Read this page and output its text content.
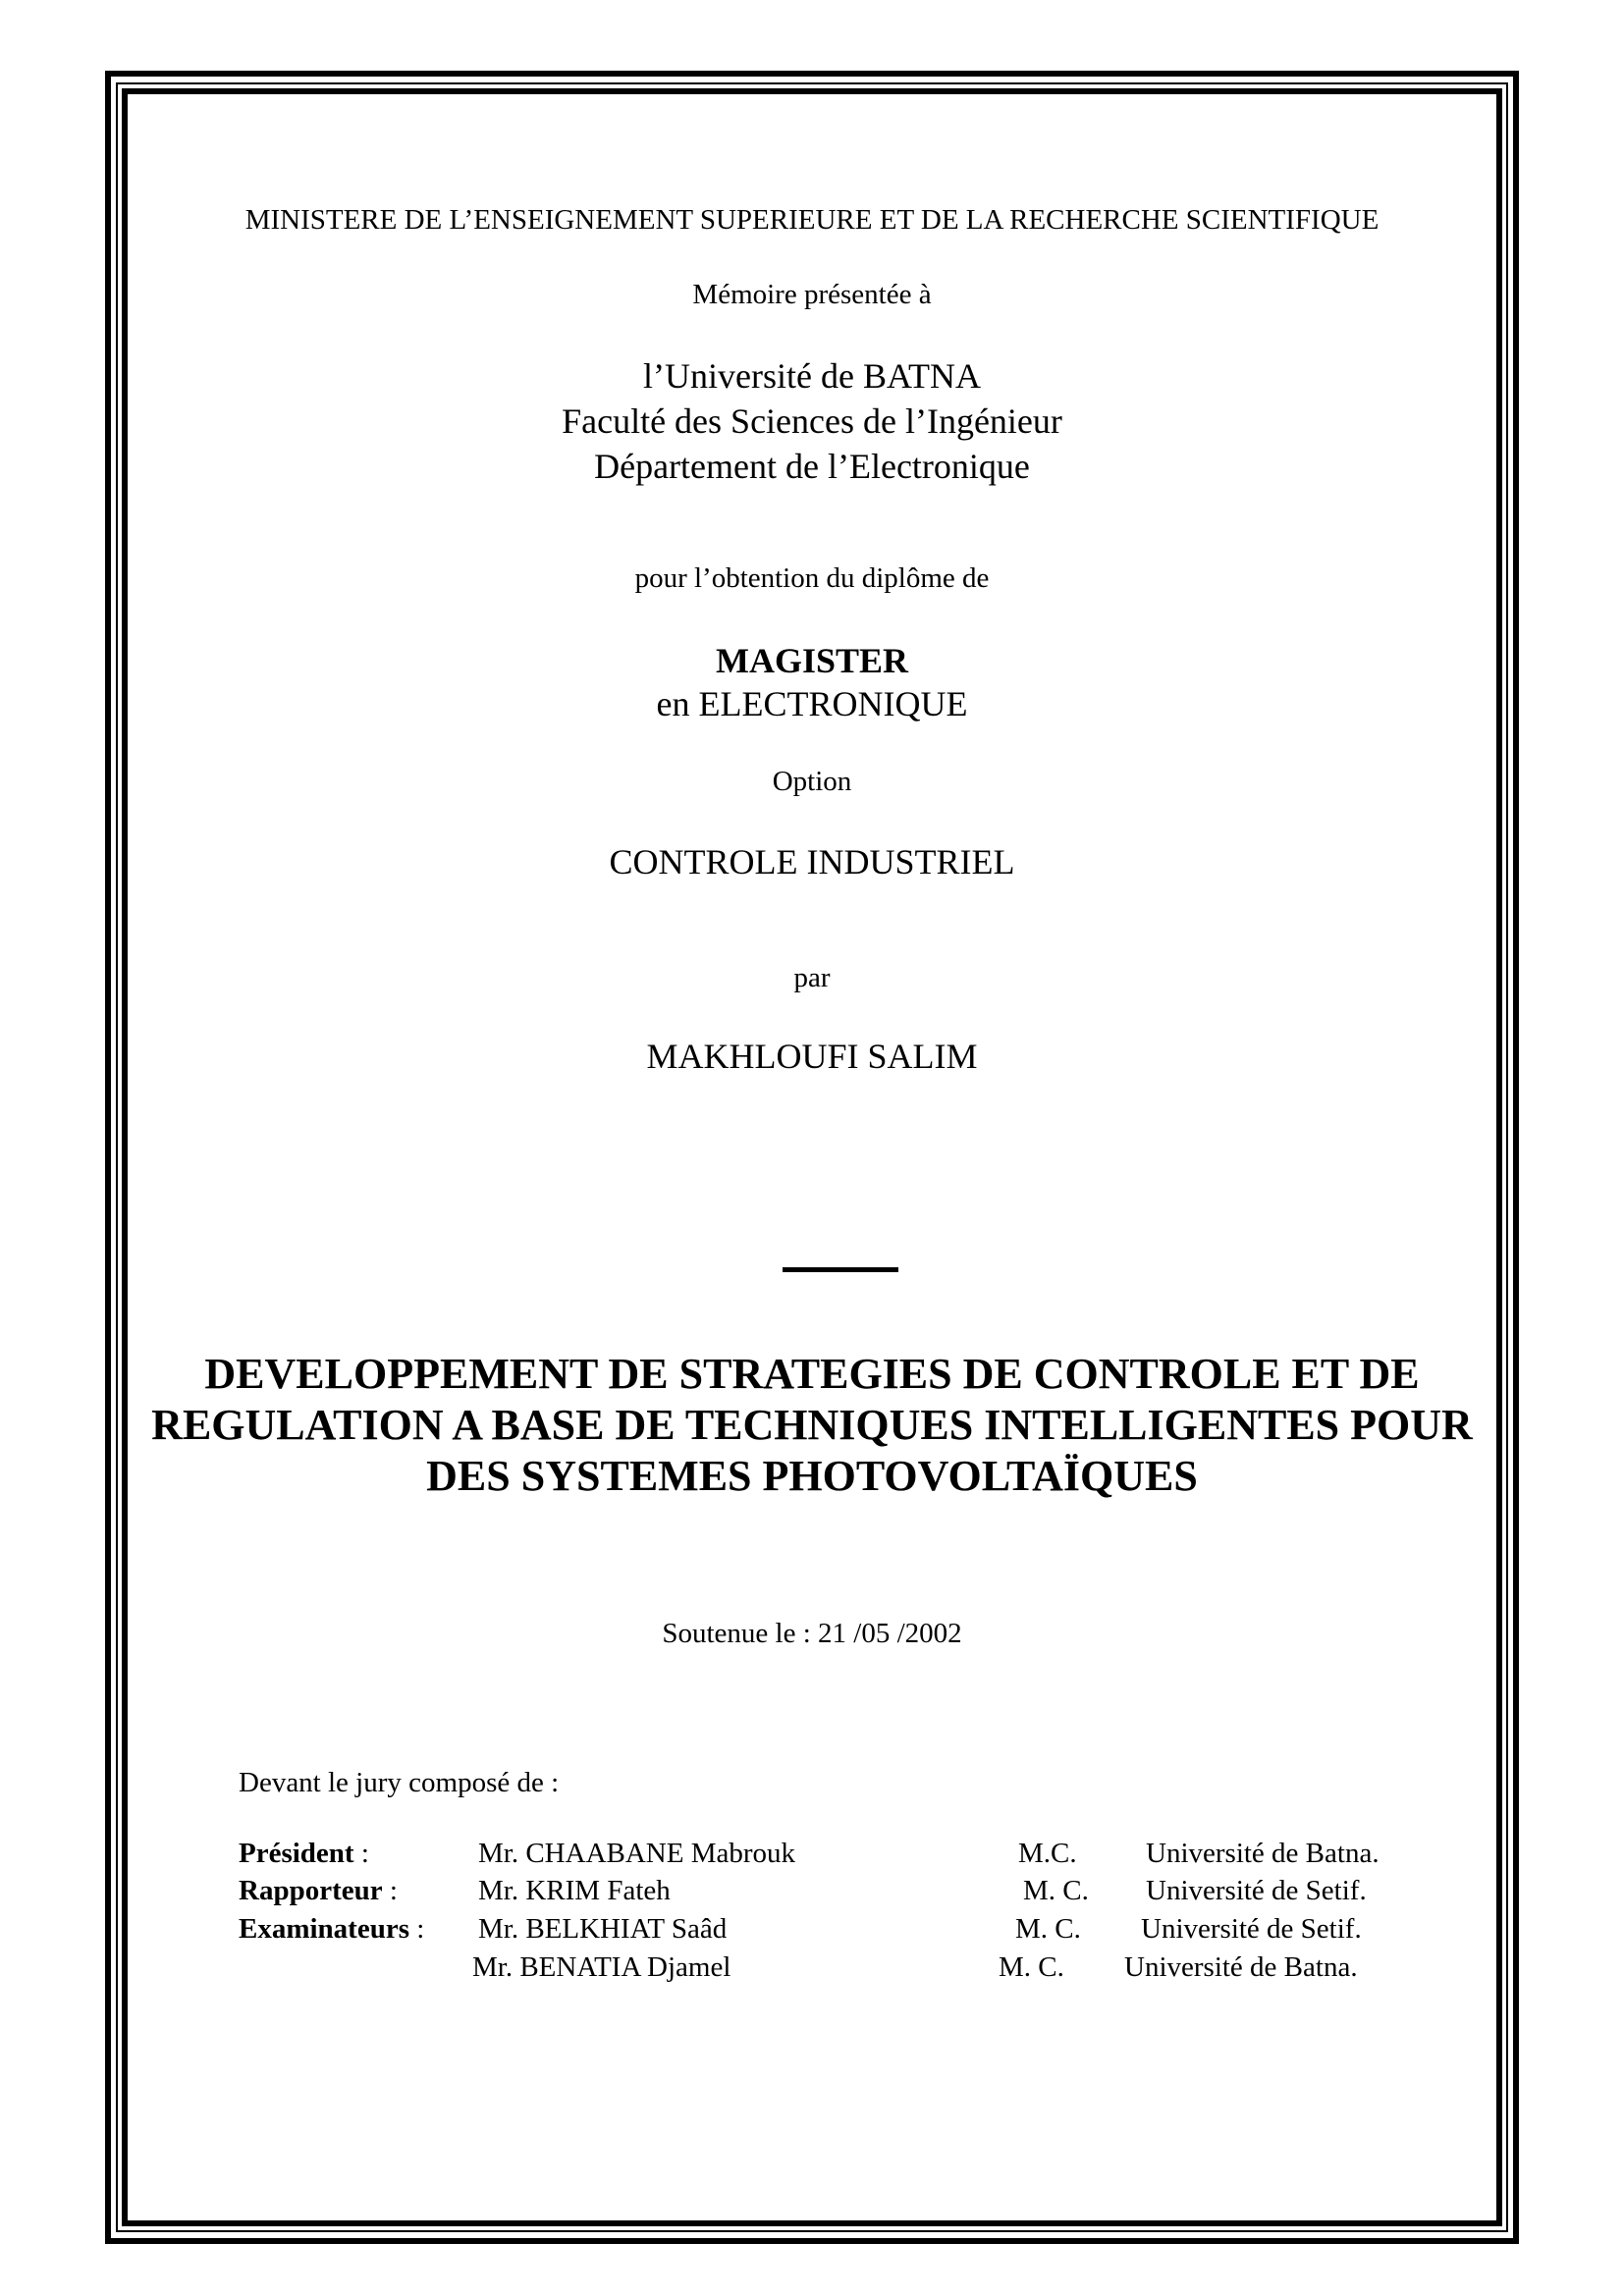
MINISTERE DE L’ENSEIGNEMENT SUPERIEURE ET DE LA RECHERCHE SCIENTIFIQUE
Mémoire présentée à
l’Université de BATNA
Faculté des Sciences de l’Ingénieur
Département de l’Electronique
pour l’obtention du diplôme de
MAGISTER
en ELECTRONIQUE
Option
CONTROLE INDUSTRIEL
par
MAKHLOUFI SALIM
DEVELOPPEMENT DE STRATEGIES DE CONTROLE ET DE
REGULATION A BASE DE TECHNIQUES INTELLIGENTES POUR
DES SYSTEMES PHOTOVOLTAÏQUES
Soutenue le : 21 /05 /2002
Devant le jury composé de :
Président :	Mr. CHAABANE Mabrouk	M.C. Université de Batna.
Rapporteur :	Mr. KRIM Fateh	M. C. Université de Setif.
Examinateurs : Mr. BELKHIAT Saâd	M. C. Université de Setif.
Mr. BENATIA Djamel	M. C. Université de Batna.
